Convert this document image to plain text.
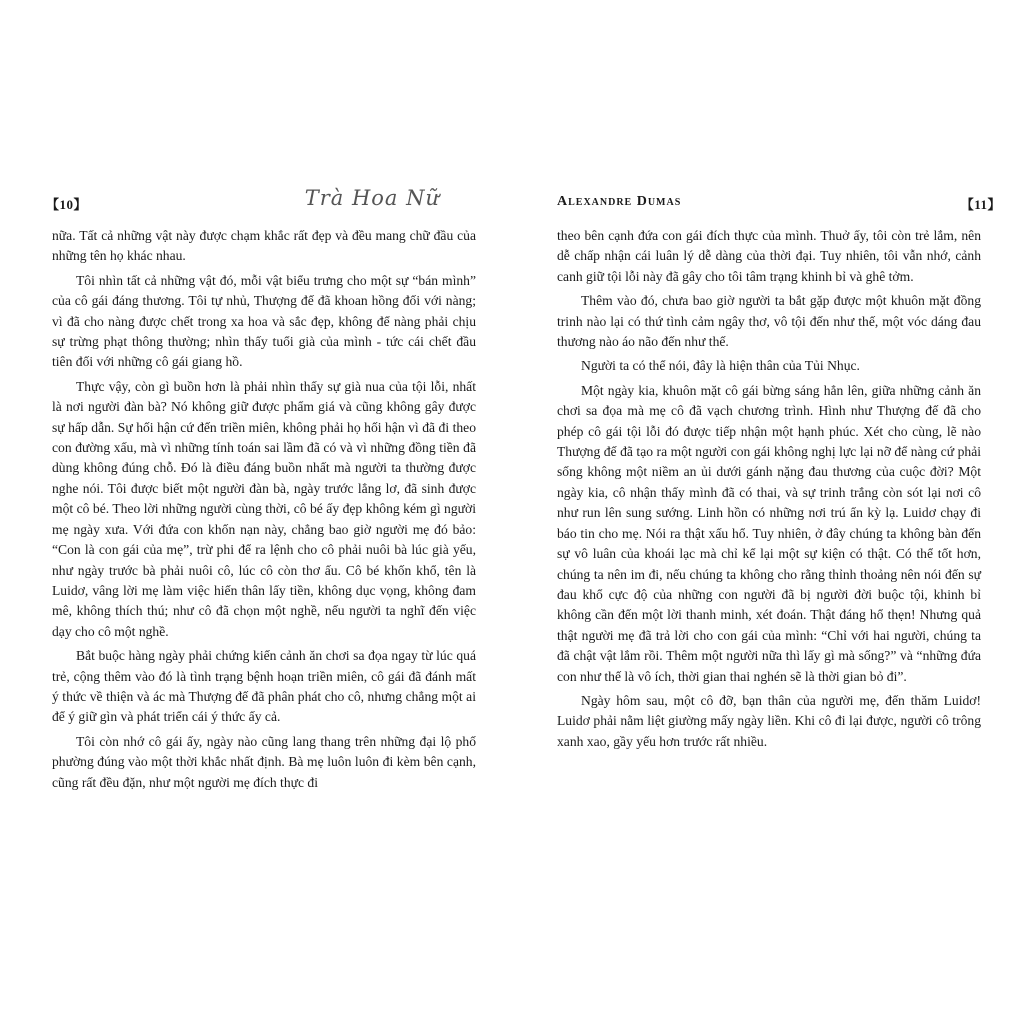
【10】	Trà Hoa Nữ

nữa. Tất cả những vật này được chạm khắc rất đẹp và đều mang chữ đầu của những tên họ khác nhau.

Tôi nhìn tất cả những vật đó, mỗi vật biểu trưng cho một sự “bán mình” của cô gái đáng thương. Tôi tự nhủ, Thượng đế đã khoan hồng đối với nàng; vì đã cho nàng được chết trong xa hoa và sắc đẹp, không để nàng phải chịu sự trừng phạt thông thường; nhìn thấy tuổi già của mình - tức cái chết đầu tiên đối với những cô gái giang hồ.

Thực vậy, còn gì buồn hơn là phải nhìn thấy sự già nua của tội lỗi, nhất là nơi người đàn bà? Nó không giữ được phẩm giá và cũng không gây được sự hấp dẫn. Sự hối hận cứ đến triền miên, không phải họ hối hận vì đã đi theo con đường xấu, mà vì những tính toán sai lầm đã có và vì những đồng tiền đã dùng không đúng chỗ. Đó là điều đáng buồn nhất mà người ta thường được nghe nói. Tôi được biết một người đàn bà, ngày trước lẳng lơ, đã sinh được một cô bé. Theo lời những người cùng thời, cô bé ấy đẹp không kém gì người mẹ ngày xưa. Với đứa con khốn nạn này, chẳng bao giờ người mẹ đó bảo: “Con là con gái của mẹ”, trừ phi để ra lệnh cho cô phải nuôi bà lúc già yếu, như ngày trước bà phải nuôi cô, lúc cô còn thơ ấu. Cô bé khốn khổ, tên là Luidơ, vâng lời mẹ làm việc hiến thân lấy tiền, không dục vọng, không đam mê, không thích thú; như cô đã chọn một nghề, nếu người ta nghĩ đến việc dạy cho cô một nghề.

Bắt buộc hàng ngày phải chứng kiến cảnh ăn chơi sa đọa ngay từ lúc quá trẻ, cộng thêm vào đó là tình trạng bệnh hoạn triền miên, cô gái đã đánh mất ý thức về thiện và ác mà Thượng đế đã phân phát cho cô, nhưng chẳng một ai để ý giữ gìn và phát triển cái ý thức ấy cả.

Tôi còn nhớ cô gái ấy, ngày nào cũng lang thang trên những đại lộ phố phường đúng vào một thời khắc nhất định. Bà mẹ luôn luôn đi kèm bên cạnh, cũng rất đều đặn, như một người mẹ đích thực đi

Alexandre Dumas	【11】

theo bên cạnh đứa con gái đích thực của mình. Thuở ấy, tôi còn trẻ lắm, nên dễ chấp nhận cái luân lý dễ dàng của thời đại. Tuy nhiên, tôi vẫn nhớ, cảnh canh giữ tội lỗi này đã gây cho tôi tâm trạng khinh bỉ và ghê tởm.

Thêm vào đó, chưa bao giờ người ta bắt gặp được một khuôn mặt đồng trinh nào lại có thứ tình cảm ngây thơ, vô tội đến như thế, một vóc dáng đau thương nào áo não đến như thế.

Người ta có thể nói, đây là hiện thân của Tủi Nhục.

Một ngày kia, khuôn mặt cô gái bừng sáng hẳn lên, giữa những cảnh ăn chơi sa đọa mà mẹ cô đã vạch chương trình. Hình như Thượng đế đã cho phép cô gái tội lỗi đó được tiếp nhận một hạnh phúc. Xét cho cùng, lẽ nào Thượng đế đã tạo ra một người con gái không nghị lực lại nỡ để nàng cứ phải sống không một niềm an ủi dưới gánh nặng đau thương của cuộc đời? Một ngày kia, cô nhận thấy mình đã có thai, và sự trinh trắng còn sót lại nơi cô như run lên sung sướng. Linh hồn có những nơi trú ẩn kỳ lạ. Luidơ chạy đi báo tin cho mẹ. Nói ra thật xấu hổ. Tuy nhiên, ở đây chúng ta không bàn đến sự vô luân của khoái lạc mà chỉ kể lại một sự kiện có thật. Có thể tốt hơn, chúng ta nên im đi, nếu chúng ta không cho rằng thỉnh thoảng nên nói đến sự đau khổ cực độ của những con người đã bị người đời buộc tội, khinh bỉ không cần đến một lời thanh minh, xét đoán. Thật đáng hổ thẹn! Nhưng quả thật người mẹ đã trả lời cho con gái của mình: “Chỉ với hai người, chúng ta đã chật vật lắm rồi. Thêm một người nữa thì lấy gì mà sống?” và “những đứa con như thế là vô ích, thời gian thai nghén sẽ là thời gian bỏ đi”.

Ngày hôm sau, một cô đỡ, bạn thân của người mẹ, đến thăm Luidơ! Luidơ phải nằm liệt giường mấy ngày liền. Khi cô đi lại được, người cô trông xanh xao, gầy yếu hơn trước rất nhiều.
